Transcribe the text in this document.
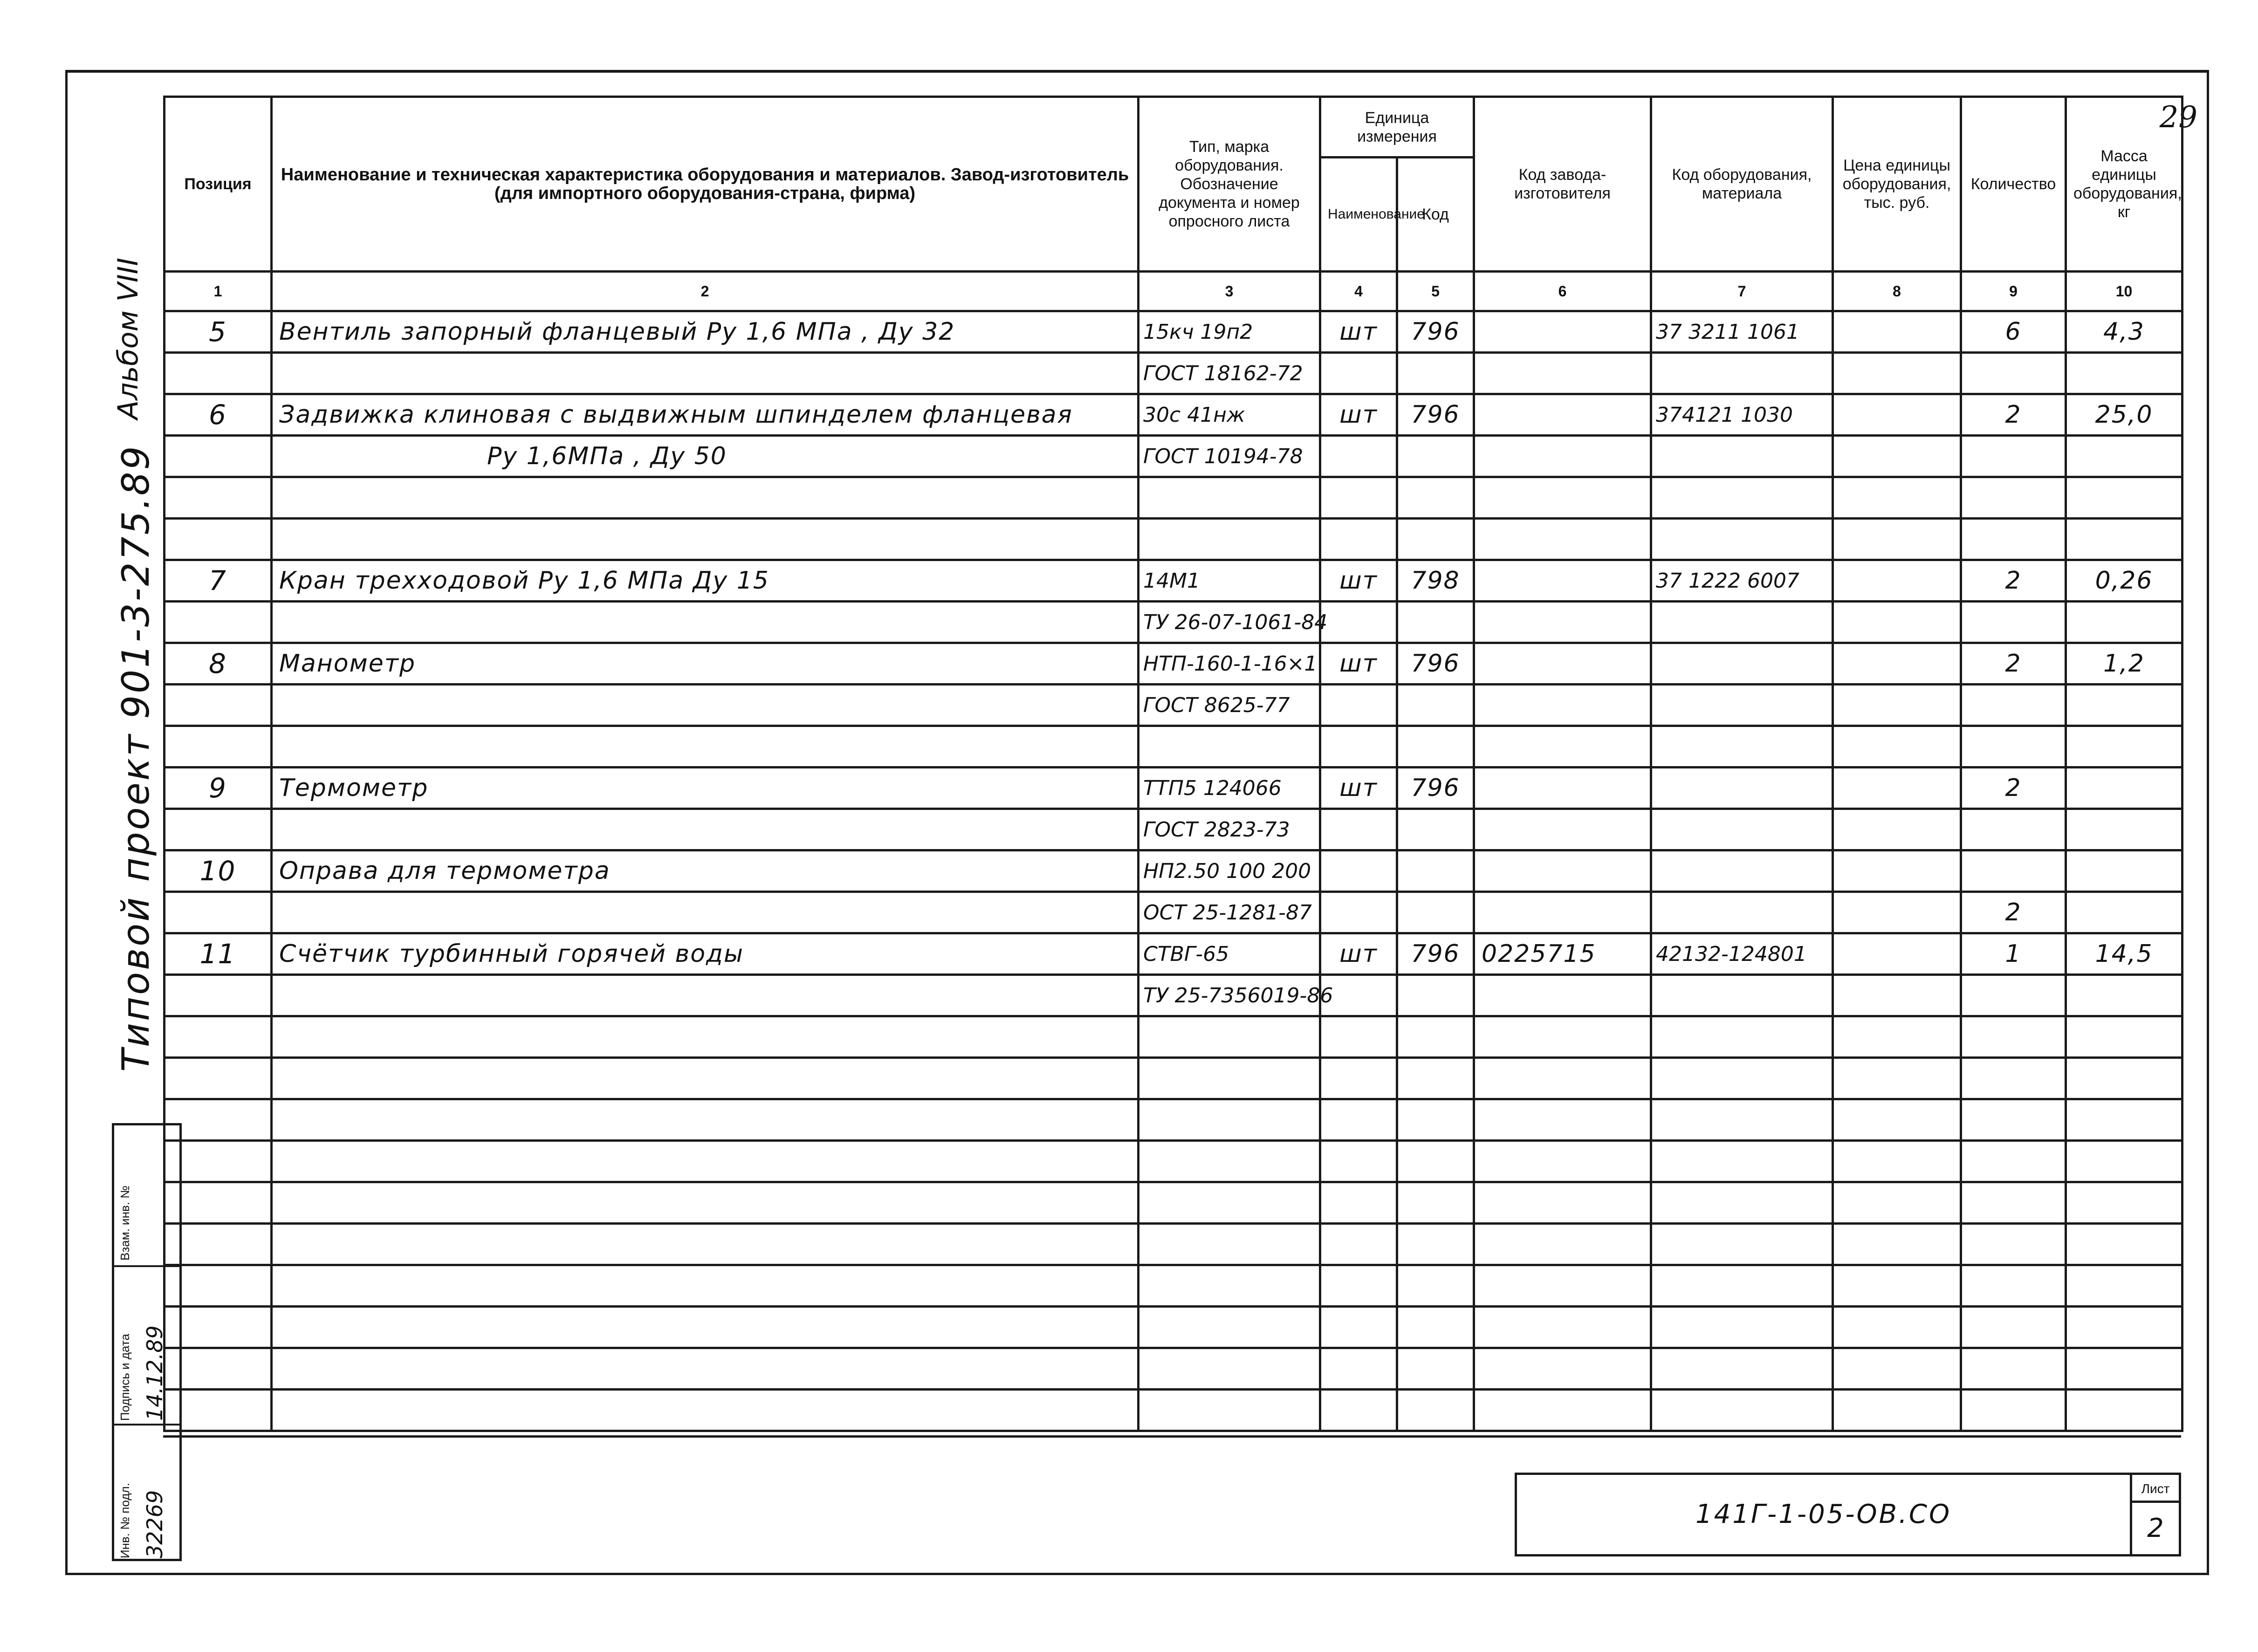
29
Альбом VIII
Типовой проект 901-3-275.89
Позиция	Наименование и техническая характеристика оборудования и материалов. Завод-изготовитель (для импортного оборудования-страна, фирма)	Тип, марка оборудования. Обозначение документа и номер опросного листа	Единица измерения		Код завода-изготовителя	Код оборудования, материала	Цена единицы оборудования, тыс. руб.	Количество	Масса единицы оборудования, кг
			Наименование	Код					
1	2	3	4	5	6	7	8	9	10
5	Вентиль запорный фланцевый Ру 1,6 МПа , Ду 32	15кч 19п2	шт	796		37 3211 1061		6	4,3
		ГОСТ 18162-72							
6	Задвижка клиновая с выдвижным шпинделем фланцевая	30с 41нж	шт	796		374121 1030		2	25,0
	Ру 1,6МПа , Ду 50	ГОСТ 10194-78							

7	Кран трехходовой Ру 1,6 МПа Ду 15	14М1	шт	798		37 1222 6007		2	0,26
		ТУ 26-07-1061-84							
8	Манометр	НТП-160-1-16×1	шт	796				2	1,2
		ГОСТ 8625-77							

9	Термометр	ТТП5 124066	шт	796				2	
		ГОСТ 2823-73							
10	Оправа для термометра	НП2.50 100 200							
		ОСТ 25-1281-87						2	
11	Счётчик турбинный горячей воды	СТВГ-65	шт	796	0225715	42132-124801		1	14,5
		ТУ 25-7356019-86							

Взам. инв. №
Подпись и дата 14.12.89
Инв. № подл. 32269	141Г-1-05-ОВ.СО
Лист
2
